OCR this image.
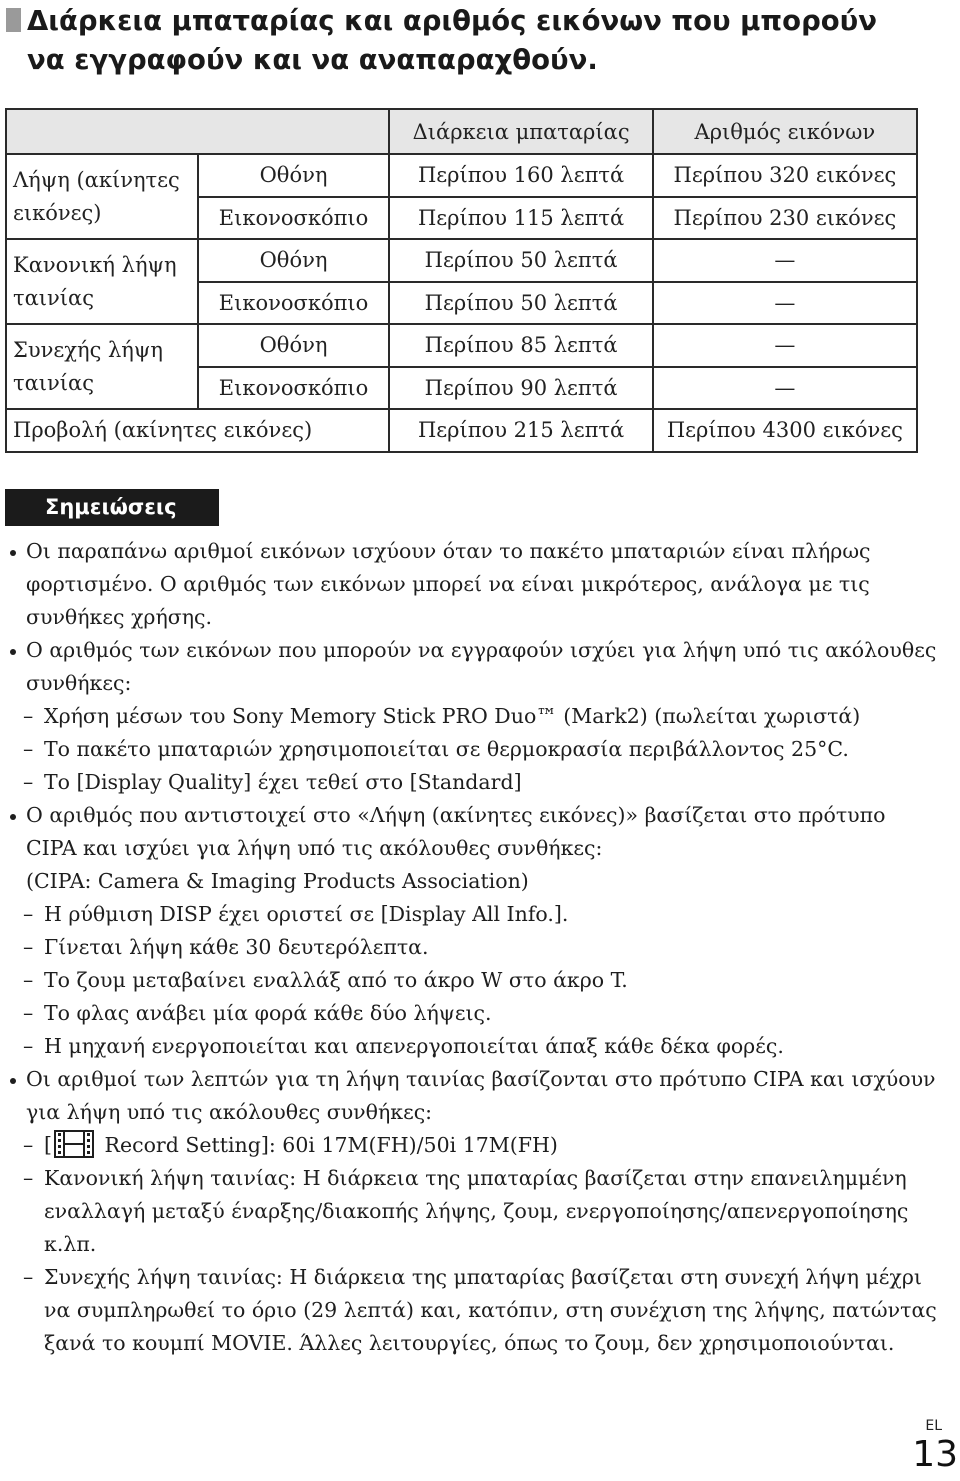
Διάρκεια μπαταρίας και αριθμός εικόνων που μπορούν
να εγγραφούν και να αναπαραχθούν.
		Διάρκεια μπαταρίας	Αριθμός εικόνων
Λήψη (ακίνητες εικόνες)	Οθόνη	Περίπου 160 λεπτά	Περίπου 320 εικόνες
	Εικονοσκόπιο	Περίπου 115 λεπτά	Περίπου 230 εικόνες
Κανονική λήψη ταινίας	Οθόνη	Περίπου 50 λεπτά	—
	Εικονοσκόπιο	Περίπου 50 λεπτά	—
Συνεχής λήψη ταινίας	Οθόνη	Περίπου 85 λεπτά	—
	Εικονοσκόπιο	Περίπου 90 λεπτά	—
Προβολή (ακίνητες εικόνες)		Περίπου 215 λεπτά	Περίπου 4300 εικόνες
Σημειώσεις
Οι παραπάνω αριθμοί εικόνων ισχύουν όταν το πακέτο μπαταριών είναι πλήρως φορτισμένο. Ο αριθμός των εικόνων μπορεί να είναι μικρότερος, ανάλογα με τις συνθήκες χρήσης.
Ο αριθμός των εικόνων που μπορούν να εγγραφούν ισχύει για λήψη υπό τις ακόλουθες συνθήκες:
– Χρήση μέσων του Sony Memory Stick PRO Duo™ (Mark2) (πωλείται χωριστά)
– Το πακέτο μπαταριών χρησιμοποιείται σε θερμοκρασία περιβάλλοντος 25°C.
– Το [Display Quality] έχει τεθεί στο [Standard]
Ο αριθμός που αντιστοιχεί στο «Λήψη (ακίνητες εικόνες)» βασίζεται στο πρότυπο CIPA και ισχύει για λήψη υπό τις ακόλουθες συνθήκες:
(CIPA: Camera & Imaging Products Association)
– Η ρύθμιση DISP έχει οριστεί σε [Display All Info.].
– Γίνεται λήψη κάθε 30 δευτερόλεπτα.
– Το ζουμ μεταβαίνει εναλλάξ από το άκρο W στο άκρο T.
– Το φλας ανάβει μία φορά κάθε δύο λήψεις.
– Η μηχανή ενεργοποιείται και απενεργοποιείται άπαξ κάθε δέκα φορές.
Οι αριθμοί των λεπτών για τη λήψη ταινίας βασίζονται στο πρότυπο CIPA και ισχύουν για λήψη υπό τις ακόλουθες συνθήκες:
– [ Record Setting]: 60i 17M(FH)/50i 17M(FH)
– Κανονική λήψη ταινίας: Η διάρκεια της μπαταρίας βασίζεται στην επανειλημμένη εναλλαγή μεταξύ έναρξης/διακοπής λήψης, ζουμ, ενεργοποίησης/απενεργοποίησης κ.λπ.
– Συνεχής λήψη ταινίας: Η διάρκεια της μπαταρίας βασίζεται στη συνεχή λήψη μέχρι να συμπληρωθεί το όριο (29 λεπτά) και, κατόπιν, στη συνέχιση της λήψης, πατώντας ξανά το κουμπί MOVIE. Άλλες λειτουργίες, όπως το ζουμ, δεν χρησιμοποιούνται.
EL
13
